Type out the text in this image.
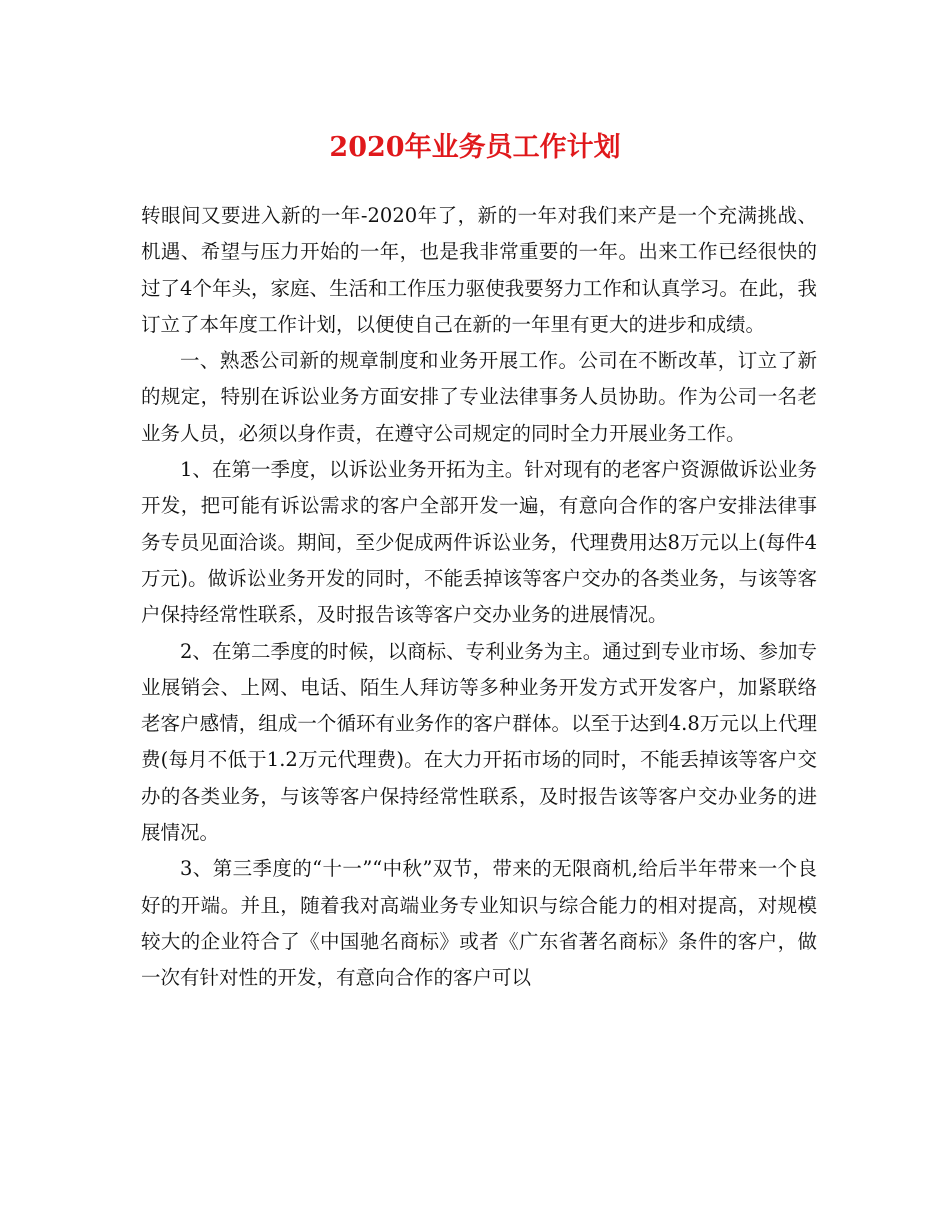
2020年业务员工作计划

转眼间又要进入新的一年-2020年了，新的一年对我们来产是一个充满挑战、机遇、希望与压力开始的一年，也是我非常重要的一年。出来工作已经很快的过了4个年头，家庭、生活和工作压力驱使我要努力工作和认真学习。在此，我订立了本年度工作计划，以便使自己在新的一年里有更大的进步和成绩。

一、熟悉公司新的规章制度和业务开展工作。公司在不断改革，订立了新的规定，特别在诉讼业务方面安排了专业法律事务人员协助。作为公司一名老业务人员，必须以身作责，在遵守公司规定的同时全力开展业务工作。

1、在第一季度，以诉讼业务开拓为主。针对现有的老客户资源做诉讼业务开发，把可能有诉讼需求的客户全部开发一遍，有意向合作的客户安排法律事务专员见面洽谈。期间，至少促成两件诉讼业务，代理费用达8万元以上(每件4万元)。做诉讼业务开发的同时，不能丢掉该等客户交办的各类业务，与该等客户保持经常性联系，及时报告该等客户交办业务的进展情况。

2、在第二季度的时候，以商标、专利业务为主。通过到专业市场、参加专业展销会、上网、电话、陌生人拜访等多种业务开发方式开发客户，加紧联络老客户感情，组成一个循环有业务作的客户群体。以至于达到4.8万元以上代理费(每月不低于1.2万元代理费)。在大力开拓市场的同时，不能丢掉该等客户交办的各类业务，与该等客户保持经常性联系，及时报告该等客户交办业务的进展情况。

3、第三季度的“十一”“中秋”双节，带来的无限商机,给后半年带来一个良好的开端。并且，随着我对高端业务专业知识与综合能力的相对提高，对规模较大的企业符合了《中国驰名商标》或者《广东省著名商标》条件的客户，做一次有针对性的开发，有意向合作的客户可以
